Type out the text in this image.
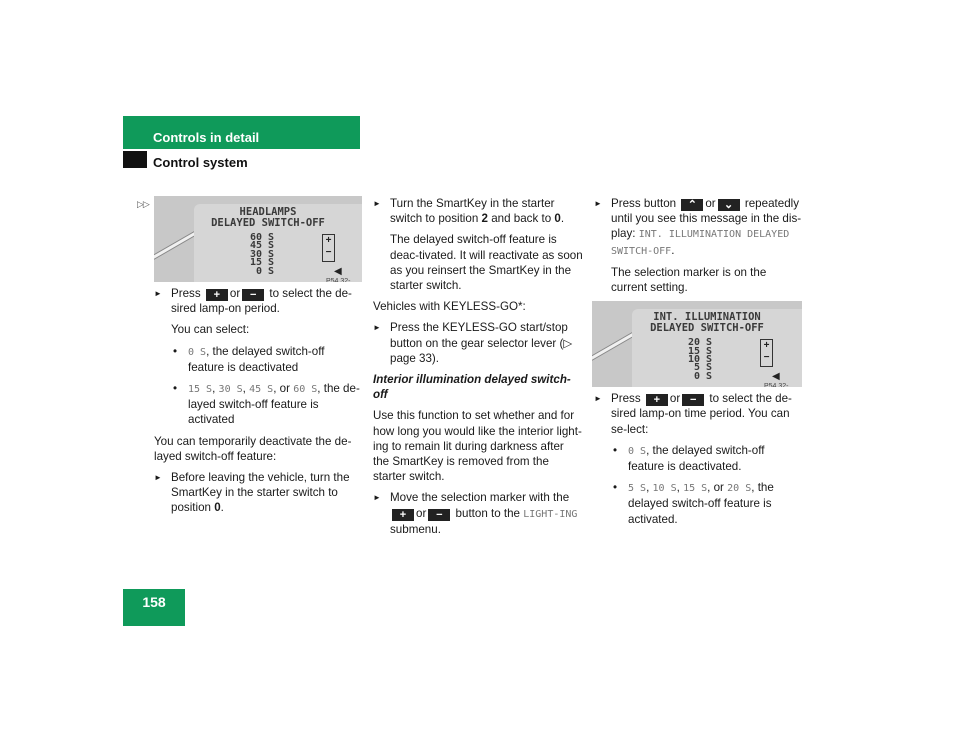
Controls in detail
Control system
▷▷
HEADLAMPS
DELAYED SWITCH-OFF
60 S
45 S
30 S
15 S
0 S
+
−
◀
P54.32-
► Press + or − to select the de-sired lamp-on period.
You can select:
• 0 S, the delayed switch-off feature is deactivated
• 15 S, 30 S, 45 S, or 60 S, the de-layed switch-off feature is activated
You can temporarily deactivate the de-layed switch-off feature:
► Before leaving the vehicle, turn the SmartKey in the starter switch to position 0.
► Turn the SmartKey in the starter switch to position 2 and back to 0.
The delayed switch-off feature is deac-tivated. It will reactivate as soon as you reinsert the SmartKey in the starter switch.
Vehicles with KEYLESS-GO*:
► Press the KEYLESS-GO start/stop button on the gear selector lever (▷ page 33).
Interior illumination delayed switch-off
Use this function to set whether and for how long you would like the interior light-ing to remain lit during darkness after the SmartKey is removed from the starter switch.
► Move the selection marker with the + or − button to the LIGHT-ING submenu.
► Press button ⌃ or ⌄ repeatedly until you see this message in the dis-play: INT. ILLUMINATION DELAYED SWITCH-OFF.
The selection marker is on the current setting.
INT. ILLUMINATION
DELAYED SWITCH-OFF
20 S
15 S
10 S
5 S
0 S
+
−
◀
P54.32-
► Press + or − to select the de-sired lamp-on time period. You can se-lect:
• 0 S, the delayed switch-off feature is deactivated.
• 5 S, 10 S, 15 S, or 20 S, the delayed switch-off feature is activated.
158
